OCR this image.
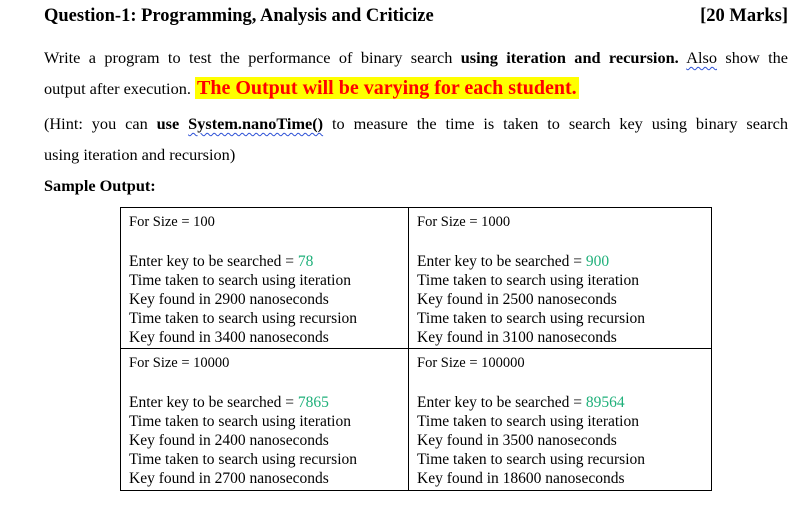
Question-1: Programming, Analysis and Criticize	[20 Marks]
Write a program to test the performance of binary search using iteration and recursion. Also show the
output after execution. The Output will be varying for each student.
(Hint: you can use System.nanoTime() to measure the time is taken to search key using binary search
using iteration and recursion)
Sample Output:
For Size = 100
Enter key to be searched = 78
Time taken to search using iteration
Key found in 2900 nanoseconds
Time taken to search using recursion
Key found in 3400 nanoseconds
For Size = 1000
Enter key to be searched = 900
Time taken to search using iteration
Key found in 2500 nanoseconds
Time taken to search using recursion
Key found in 3100 nanoseconds
For Size = 10000
Enter key to be searched = 7865
Time taken to search using iteration
Key found in 2400 nanoseconds
Time taken to search using recursion
Key found in 2700 nanoseconds
For Size = 100000
Enter key to be searched = 89564
Time taken to search using iteration
Key found in 3500 nanoseconds
Time taken to search using recursion
Key found in 18600 nanoseconds
